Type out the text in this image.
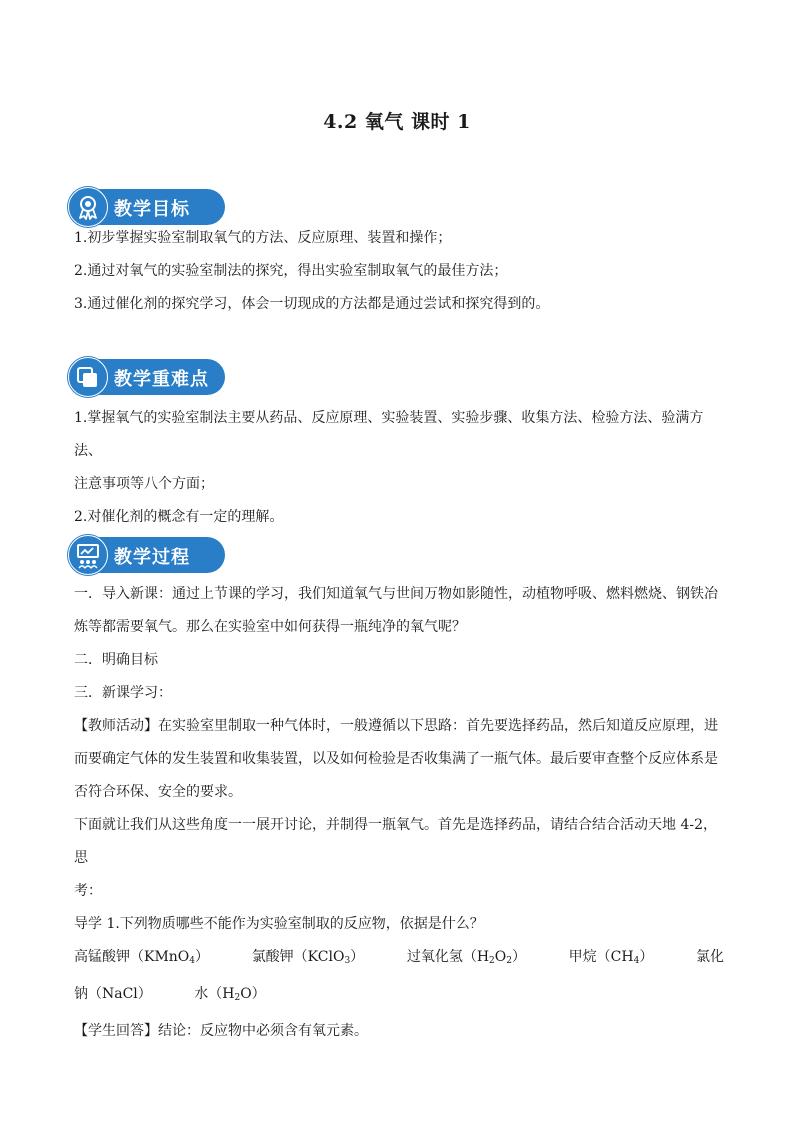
4.2 氧气 课时 1
教学目标

1.初步掌握实验室制取氧气的方法、反应原理、装置和操作；

2.通过对氧气的实验室制法的探究，得出实验室制取氧气的最佳方法；

3.通过催化剂的探究学习，体会一切现成的方法都是通过尝试和探究得到的。

教学重难点

1.掌握氧气的实验室制法主要从药品、反应原理、实验装置、实验步骤、收集方法、检验方法、验满方法、

注意事项等八个方面；

2.对催化剂的概念有一定的理解。

教学过程

一．导入新课：通过上节课的学习，我们知道氧气与世间万物如影随性，动植物呼吸、燃料燃烧、钢铁冶

炼等都需要氧气。那么在实验室中如何获得一瓶纯净的氧气呢？

二．明确目标

三．新课学习：

【教师活动】在实验室里制取一种气体时，一般遵循以下思路：首先要选择药品，然后知道反应原理，进

而要确定气体的发生装置和收集装置，以及如何检验是否收集满了一瓶气体。最后要审查整个反应体系是

否符合环保、安全的要求。

下面就让我们从这些角度一一展开讨论，并制得一瓶氧气。首先是选择药品，请结合结合活动天地 4-2，思

考：

导学 1.下列物质哪些不能作为实验室制取的反应物，依据是什么？

高锰酸钾（KMnO$_4$）	氯酸钾（KClO$_3$）	过氧化氢$(H_2O_2)$	甲烷$(CH_4)$	氯化
钠（NaCl）	水$(H_2O)$

【学生回答】结论：反应物中必须含有氧元素。
